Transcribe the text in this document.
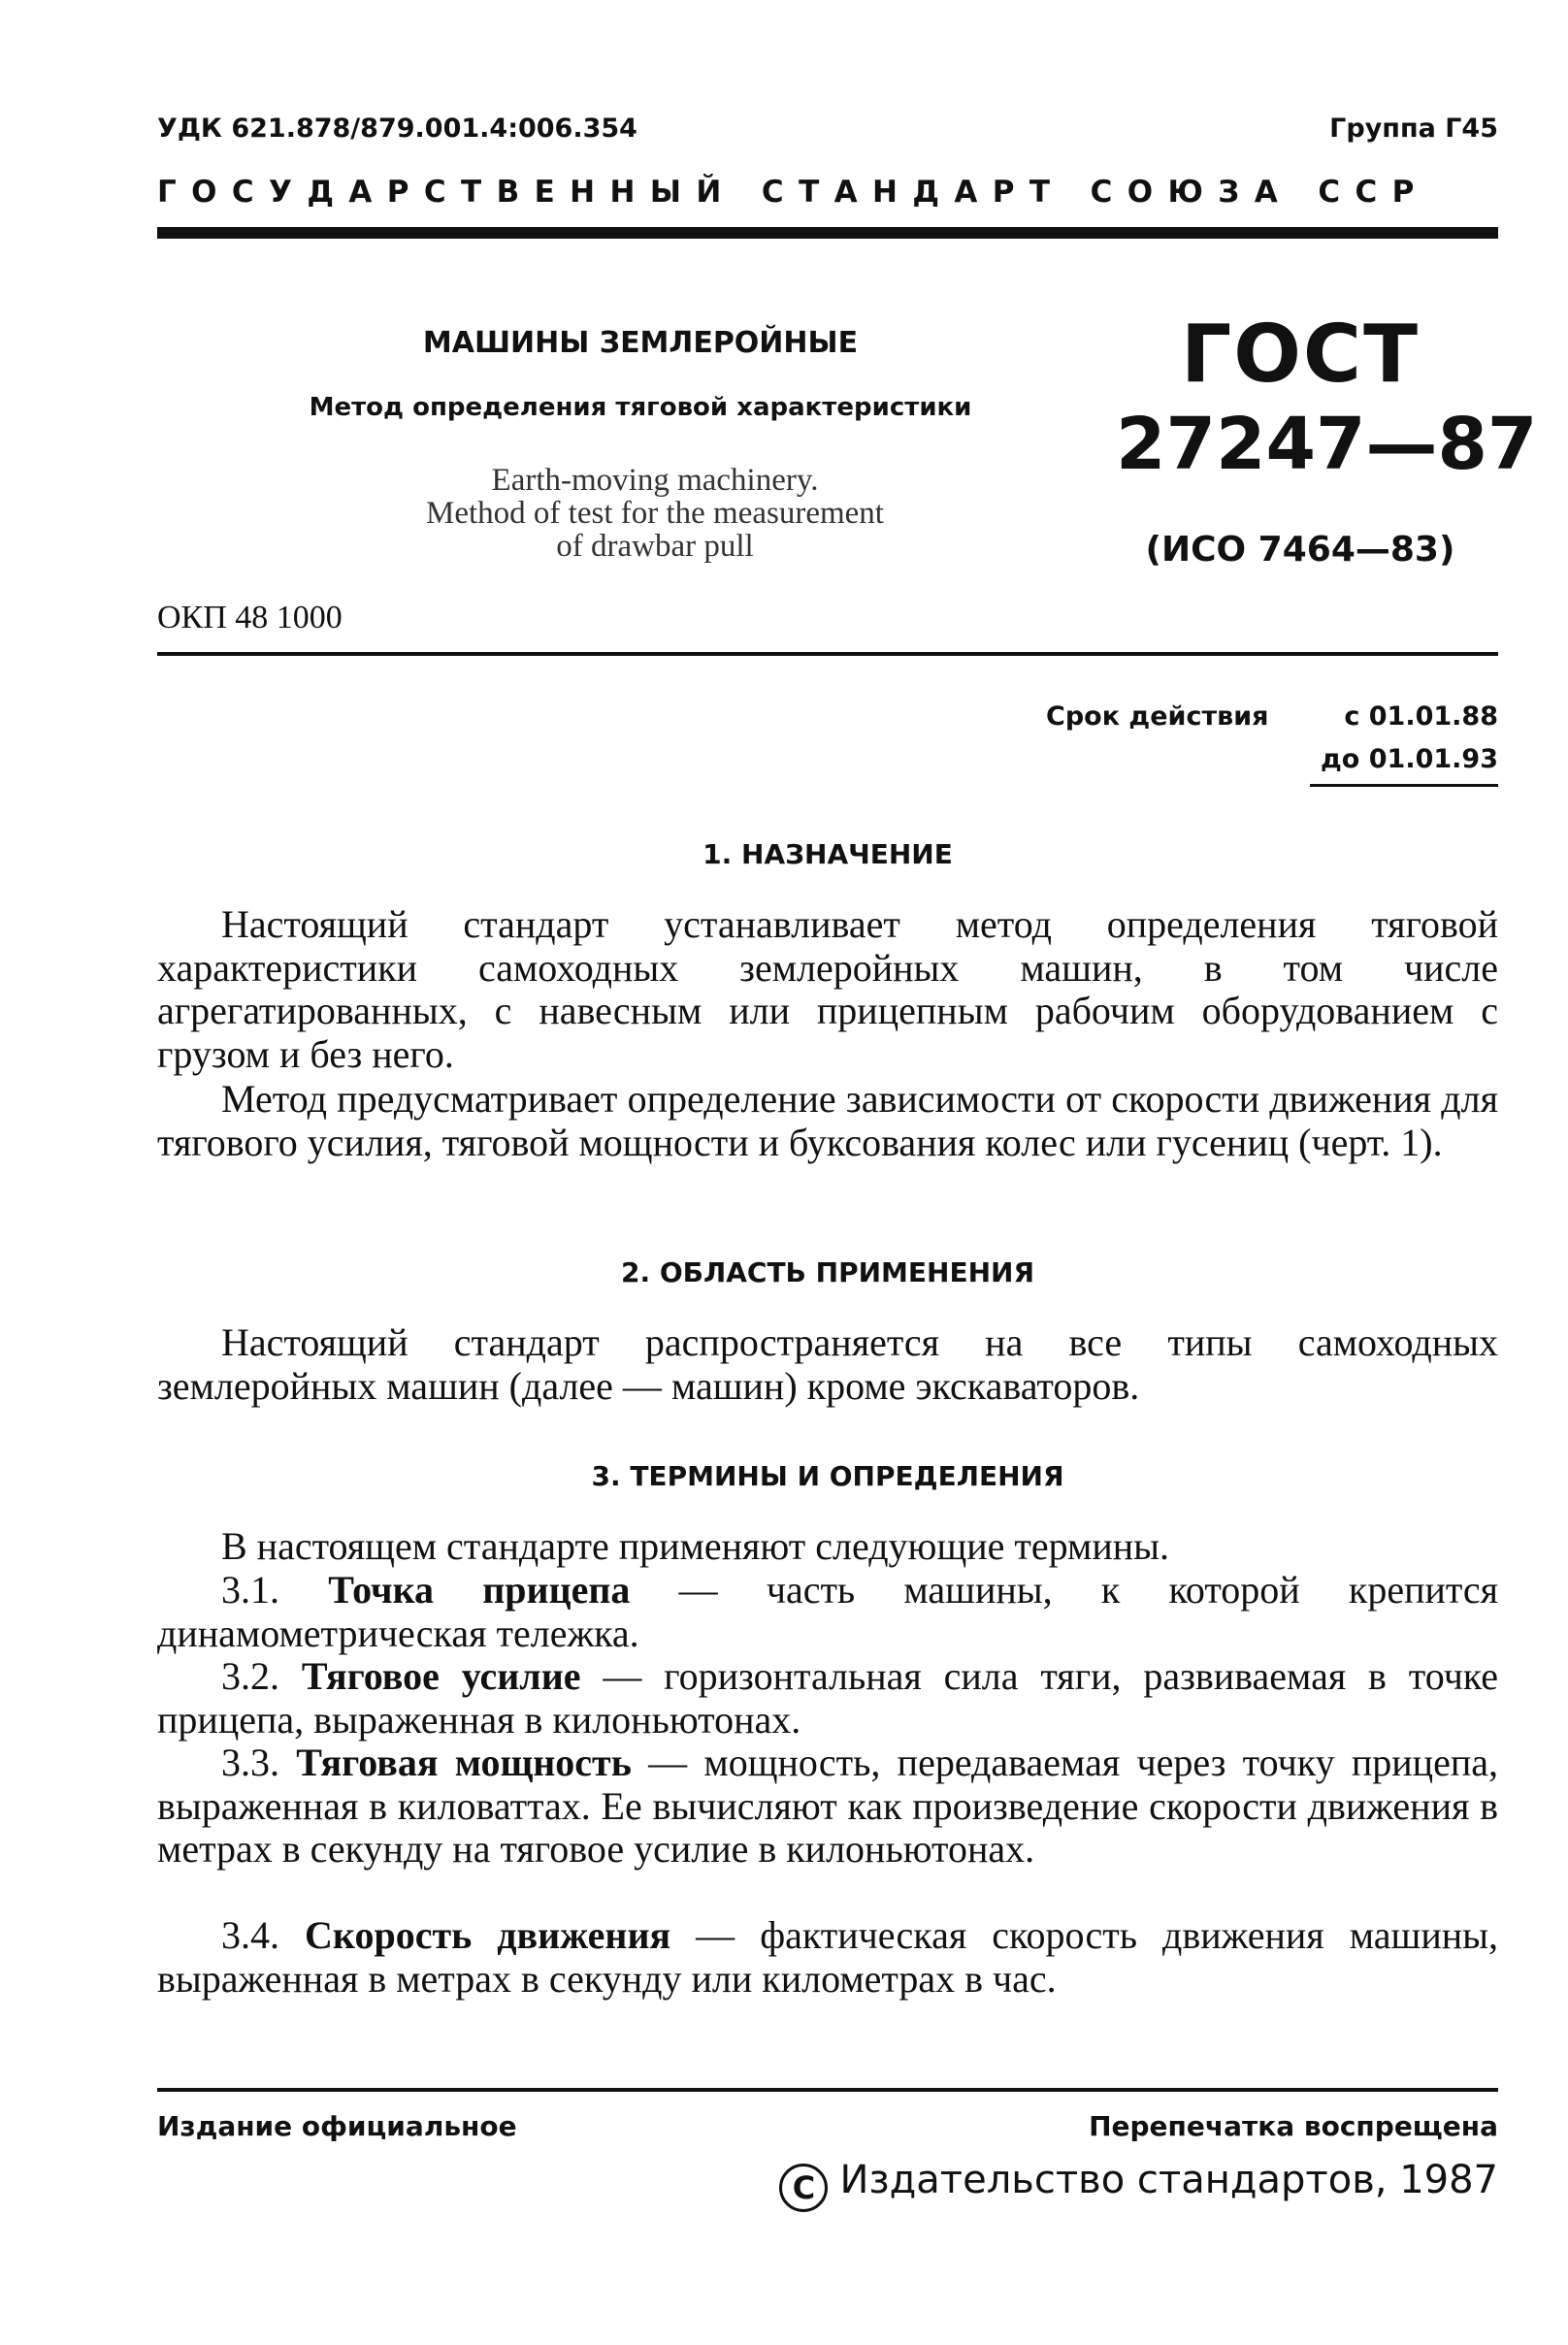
УДК 621.878/879.001.4:006.354	Группа Г45
ГОСУДАРСТВЕННЫЙ СТАНДАРТ СОЮЗА ССР
МАШИНЫ ЗЕМЛЕРОЙНЫЕ
Метод определения тяговой характеристики
Earth-moving machinery.
Method of test for the measurement
of drawbar pull
ГОСТ
27247—87
(ИСО 7464—83)
ОКП 48 1000
Срок действия	с 01.01.88
до 01.01.93
1. НАЗНАЧЕНИЕ

Настоящий стандарт устанавливает метод определения тяговой характеристики самоходных землеройных машин, в том числе агрегатированных, с навесным или прицепным рабочим оборудованием с грузом и без него.

Метод предусматривает определение зависимости от скорости движения для тягового усилия, тяговой мощности и буксования колес или гусениц (черт. 1).

2. ОБЛАСТЬ ПРИМЕНЕНИЯ

Настоящий стандарт распространяется на все типы самоходных землеройных машин (далее — машин) кроме экскаваторов.

3. ТЕРМИНЫ И ОПРЕДЕЛЕНИЯ

В настоящем стандарте применяют следующие термины.

3.1. Точка прицепа — часть машины, к которой крепится динамометрическая тележка.

3.2. Тяговое усилие — горизонтальная сила тяги, развиваемая в точке прицепа, выраженная в килоньютонах.

3.3. Тяговая мощность — мощность, передаваемая через точку прицепа, выраженная в киловаттах. Ее вычисляют как произведение скорости движения в метрах в секунду на тяговое усилие в килоньютонах.

3.4. Скорость движения — фактическая скорость движения машины, выраженная в метрах в секунду или километрах в час.

Издание официальное	Перепечатка воспрещена
C Издательство стандартов, 1987
